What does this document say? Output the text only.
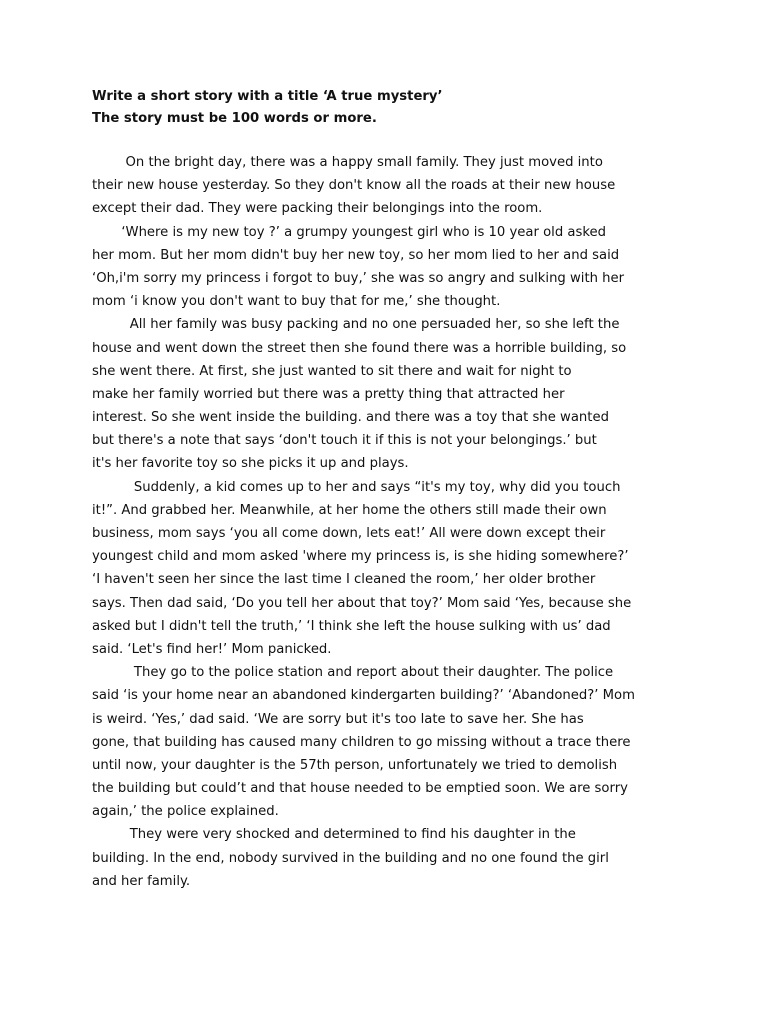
Write a short story with a title ‘A true mystery’

The story must be 100 words or more.

On the bright day, there was a happy small family. They just moved into
their new house yesterday. So they don't know all the roads at their new house
except their dad. They were packing their belongings into the room.
‘Where is my new toy ?’ a grumpy youngest girl who is 10 year old asked
her mom. But her mom didn't buy her new toy, so her mom lied to her and said
‘Oh,i'm sorry my princess i forgot to buy,’ she was so angry and sulking with her
mom ‘i know you don't want to buy that for me,’ she thought.
All her family was busy packing and no one persuaded her, so she left the
house and went down the street then she found there was a horrible building, so
she went there. At first, she just wanted to sit there and wait for night to
make her family worried but there was a pretty thing that attracted her
interest. So she went inside the building. and there was a toy that she wanted
but there's a note that says ‘don't touch it if this is not your belongings.’ but
it's her favorite toy so she picks it up and plays.
Suddenly, a kid comes up to her and says “it's my toy, why did you touch
it!”. And grabbed her. Meanwhile, at her home the others still made their own
business, mom says ‘you all come down, lets eat!’ All were down except their
youngest child and mom asked 'where my princess is, is she hiding somewhere?’
‘I haven't seen her since the last time I cleaned the room,’ her older brother
says. Then dad said, ‘Do you tell her about that toy?’ Mom said ‘Yes, because she
asked but I didn't tell the truth,’ ‘I think she left the house sulking with us’ dad
said. ‘Let's find her!’ Mom panicked.
They go to the police station and report about their daughter. The police
said ‘is your home near an abandoned kindergarten building?’ ‘Abandoned?’ Mom
is weird. ‘Yes,’ dad said. ‘We are sorry but it's too late to save her. She has
gone, that building has caused many children to go missing without a trace there
until now, your daughter is the 57th person, unfortunately we tried to demolish
the building but could’t and that house needed to be emptied soon. We are sorry
again,’ the police explained.
They were very shocked and determined to find his daughter in the
building. In the end, nobody survived in the building and no one found the girl
and her family.
